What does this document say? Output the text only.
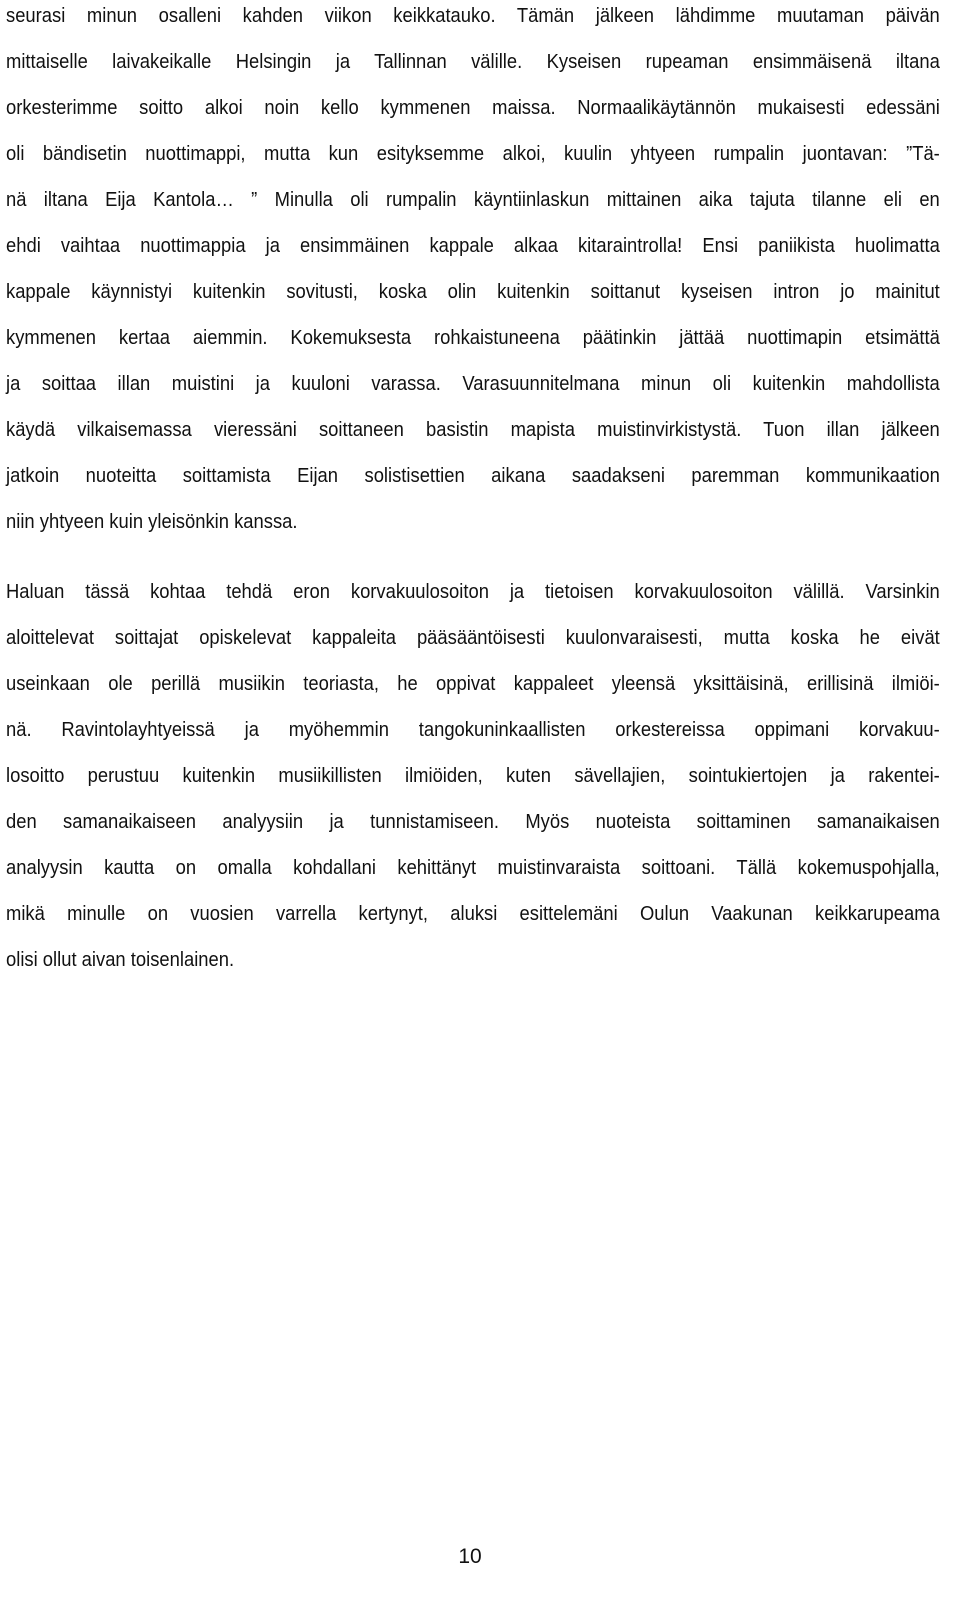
seurasi minun osalleni kahden viikon keikkatauko. Tämän jälkeen lähdimme muutaman päivän
mittaiselle laivakeikalle Helsingin ja Tallinnan välille. Kyseisen rupeaman ensimmäisenä iltana
orkesterimme soitto alkoi noin kello kymmenen maissa. Normaalikäytännön mukaisesti edessäni
oli bändisetin nuottimappi, mutta kun esityksemme alkoi, kuulin yhtyeen rumpalin juontavan: ”Tä-
nä iltana Eija Kantola… ” Minulla oli rumpalin käyntiinlaskun mittainen aika tajuta tilanne eli en
ehdi vaihtaa nuottimappia ja ensimmäinen kappale alkaa kitaraintrolla! Ensi paniikista huolimatta
kappale käynnistyi kuitenkin sovitusti, koska olin kuitenkin soittanut kyseisen intron jo mainitut
kymmenen kertaa aiemmin. Kokemuksesta rohkaistuneena päätinkin jättää nuottimapin etsimättä
ja soittaa illan muistini ja kuuloni varassa. Varasuunnitelmana minun oli kuitenkin mahdollista
käydä vilkaisemassa vieressäni soittaneen basistin mapista muistinvirkistystä. Tuon illan jälkeen
jatkoin nuoteitta soittamista Eijan solistisettien aikana saadakseni paremman kommunikaation
niin yhtyeen kuin yleisönkin kanssa.
Haluan tässä kohtaa tehdä eron korvakuulosoiton ja tietoisen korvakuulosoiton välillä. Varsinkin
aloittelevat soittajat opiskelevat kappaleita pääsääntöisesti kuulonvaraisesti, mutta koska he eivät
useinkaan ole perillä musiikin teoriasta, he oppivat kappaleet yleensä yksittäisinä, erillisinä ilmiöi-
nä. Ravintolayhtyeissä ja myöhemmin tangokuninkaallisten orkestereissa oppimani korvakuu-
losoitto perustuu kuitenkin musiikillisten ilmiöiden, kuten sävellajien, sointukiertojen ja rakentei-
den samanaikaiseen analyysiin ja tunnistamiseen. Myös nuoteista soittaminen samanaikaisen
analyysin kautta on omalla kohdallani kehittänyt muistinvaraista soittoani. Tällä kokemuspohjalla,
mikä minulle on vuosien varrella kertynyt, aluksi esittelemäni Oulun Vaakunan keikkarupeama
olisi ollut aivan toisenlainen.
10
